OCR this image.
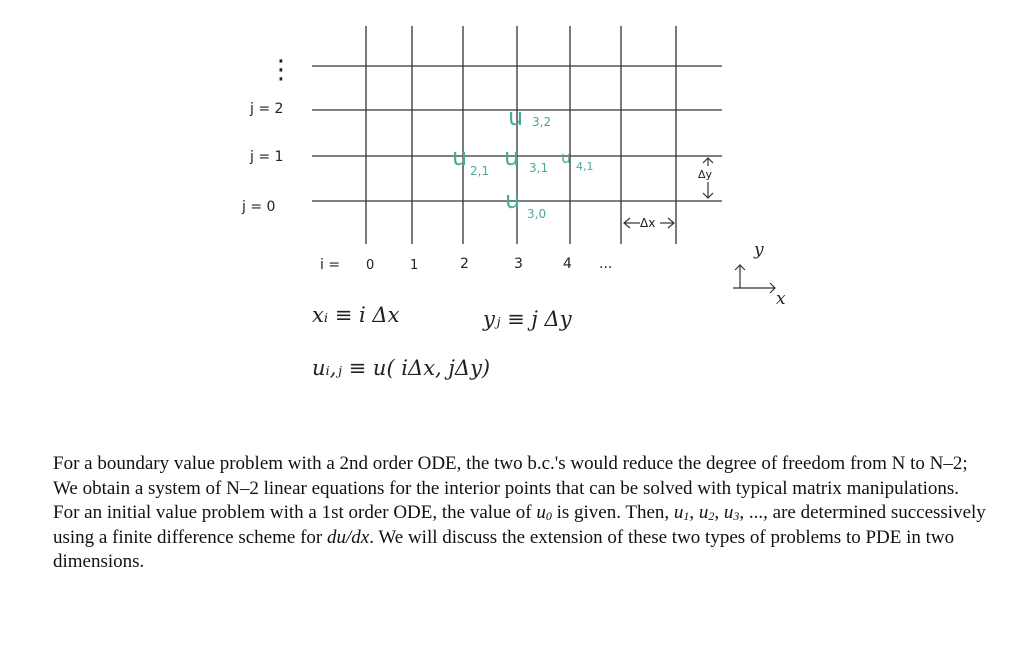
⋮
j = 2
j = 1
j = 0
i = 0	1	2	3	4 ...
u 3,2
u 2,1 u 3,1
u 4,1
u 3,0
Δx
Δy
y
x
xᵢ ≡ i Δx	yⱼ ≡ j Δy
uᵢ,ⱼ ≡ u( iΔx, jΔy)

For a boundary value problem with a 2nd order ODE, the two b.c.'s would reduce the degree of freedom from N to N–2; We obtain a system of N–2 linear equations for the interior points that can be solved with typical matrix manipulations. For an initial value problem with a 1st order ODE, the value of $u_0$ is given. Then, $u_1$, $u_2$, $u_3$, ..., are determined successively using a finite difference scheme for du/dx. We will discuss the extension of these two types of problems to PDE in two dimensions.
